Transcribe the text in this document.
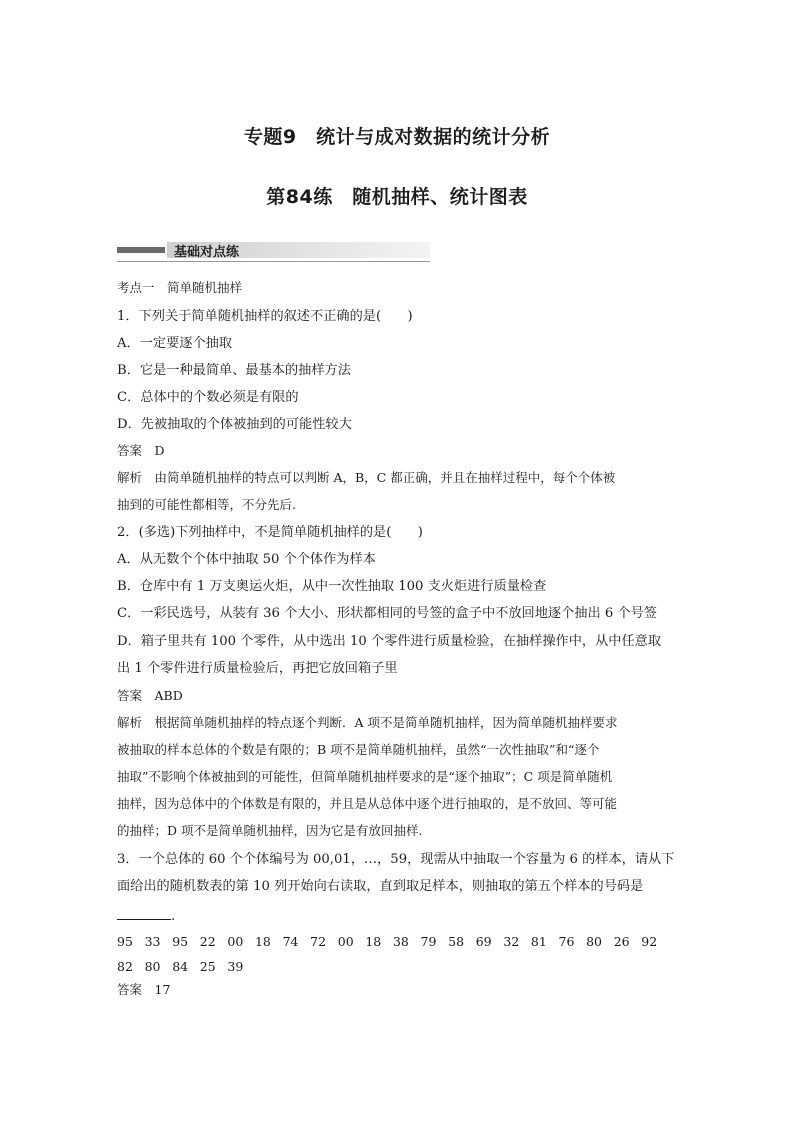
专题9　统计与成对数据的统计分析
第84练　随机抽样、统计图表
基础对点练
考点一　简单随机抽样
1．下列关于简单随机抽样的叙述不正确的是(　　)
A．一定要逐个抽取
B．它是一种最简单、最基本的抽样方法
C．总体中的个数必须是有限的
D．先被抽取的个体被抽到的可能性较大
答案　D
解析　由简单随机抽样的特点可以判断 A，B，C 都正确，并且在抽样过程中，每个个体被
抽到的可能性都相等，不分先后.
2．(多选)下列抽样中，不是简单随机抽样的是(　　)
A．从无数个个体中抽取 50 个个体作为样本
B．仓库中有 1 万支奥运火炬，从中一次性抽取 100 支火炬进行质量检查
C．一彩民选号，从装有 36 个大小、形状都相同的号签的盒子中不放回地逐个抽出 6 个号签
D．箱子里共有 100 个零件，从中选出 10 个零件进行质量检验，在抽样操作中，从中任意取
出 1 个零件进行质量检验后，再把它放回箱子里
答案　ABD
解析　根据简单随机抽样的特点逐个判断．A 项不是简单随机抽样，因为简单随机抽样要求
被抽取的样本总体的个数是有限的；B 项不是简单随机抽样，虽然“一次性抽取”和“逐个
抽取”不影响个体被抽到的可能性，但简单随机抽样要求的是“逐个抽取”；C 项是简单随机
抽样，因为总体中的个体数是有限的，并且是从总体中逐个进行抽取的，是不放回、等可能
的抽样；D 项不是简单随机抽样，因为它是有放回抽样.
3．一个总体的 60 个个体编号为 00,01，…，59，现需从中抽取一个容量为 6 的样本，请从下
面给出的随机数表的第 10 列开始向右读取，直到取足样本，则抽取的第五个样本的号码是
.
95 33 95 22 00 18 74 72 00 18 38 79 58 69 32 81 76 80 26 92
82 80 84 25 39
答案　17
